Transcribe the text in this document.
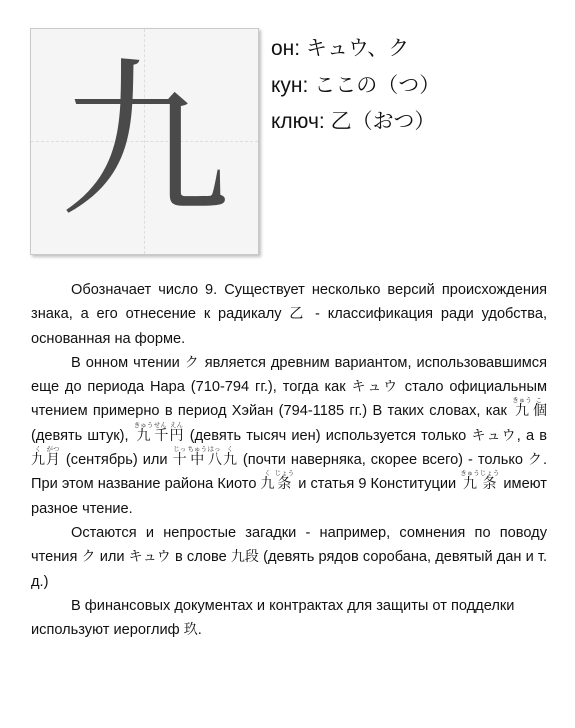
九	он: キュウ、ク
кун: ここの（つ）
ключ: 乙（おつ）

Обозначает число 9. Существует несколько версий происхождения знака, а его отнесение к радикалу 乙 - классификация ради удобства, основанная на форме.

В онном чтении ク является древним вариантом, использовавшимся еще до периода Нара (710-794 гг.), тогда как キュウ стало официальным чтением примерно в период Хэйан (794-1185 гг.) В таких словах, как 九きゅう個こ (девять штук), 九きゅう千せん円えん (девять тысяч иен) используется только キュウ, а в 九く月がつ (сентябрь) или 十じっ中ちゅう八はっ九く (почти наверняка, скорее всего) - только ク. При этом название района Киото 九く条じょう и статья 9 Конституции 九きゅう条じょう имеют разное чтение.

Остаются и непростые загадки - например, сомнения по поводу чтения ク или キュウ в слове 九段 (девять рядов соробана, девятый дан и т. д.)

В финансовых документах и контрактах для защиты от подделки используют иероглиф 玖.
